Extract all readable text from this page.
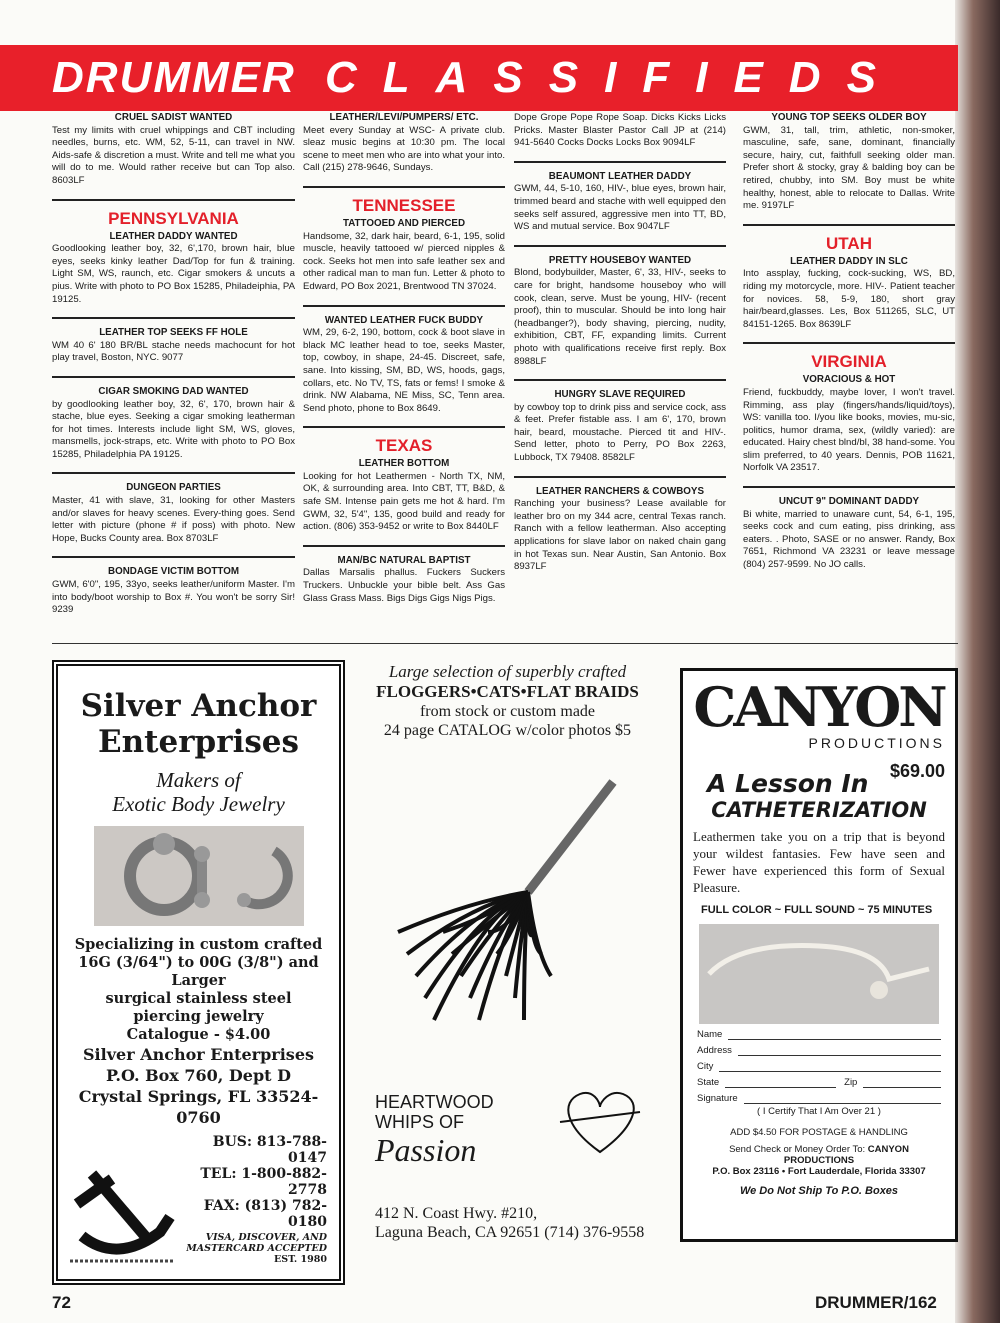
DRUMMER CLASSIFIEDS
CRUEL SADIST WANTED
Test my limits with cruel whippings and CBT including needles, burns, etc. WM, 52, 5-11, can travel in NW. Aids-safe & discretion a must. Write and tell me what you will do to me. Would rather receive but can Top also. 8603LF
PENNSYLVANIA
LEATHER DADDY WANTED
Goodlooking leather boy, 32, 6',170, brown hair, blue eyes, seeks kinky leather Dad/Top for fun & training. Light SM, WS, raunch, etc. Cigar smokers & uncuts a pius. Write with photo to PO Box 15285, Philadeiphia, PA 19125.
LEATHER TOP SEEKS FF HOLE
WM 40 6' 180 BR/BL stache needs machocunt for hot play travel, Boston, NYC. 9077
CIGAR SMOKING DAD WANTED
by goodlooking leather boy, 32, 6', 170, brown hair & stache, blue eyes. Seeking a cigar smoking leatherman for hot times. Interests include light SM, WS, gloves, mansmells, jock-straps, etc. Write with photo to PO Box 15285, Philadelphia PA 19125.
DUNGEON PARTIES
Master, 41 with slave, 31, looking for other Masters and/or slaves for heavy scenes. Every-thing goes. Send letter with picture (phone # if poss) with photo. New Hope, Bucks County area. Box 8703LF
BONDAGE VICTIM BOTTOM
GWM, 6'0", 195, 33yo, seeks leather/uniform Master. I'm into body/boot worship to Box #. You won't be sorry Sir! 9239
LEATHER/LEVI/PUMPERS/ ETC.
Meet every Sunday at WSC- A private club. sleaz music begins at 10:30 pm. The local scene to meet men who are into what your into. Call (215) 278-9646, Sundays.
TENNESSEE
TATTOOED AND PIERCED
Handsome, 32, dark hair, beard, 6-1, 195, solid muscle, heavily tattooed w/ pierced nipples & cock. Seeks hot men into safe leather sex and other radical man to man fun. Letter & photo to Edward, PO Box 2021, Brentwood TN 37024.
WANTED LEATHER FUCK BUDDY
WM, 29, 6-2, 190, bottom, cock & boot slave in black MC leather head to toe, seeks Master, top, cowboy, in shape, 24-45. Discreet, safe, sane. Into kissing, SM, BD, WS, hoods, gags, collars, etc. No TV, TS, fats or fems! I smoke & drink. NW Alabama, NE Miss, SC, Tenn area. Send photo, phone to Box 8649.
TEXAS
LEATHER BOTTOM
Looking for hot Leathermen - North TX, NM, OK, & surrounding area. Into CBT, TT, B&D, & safe SM. Intense pain gets me hot & hard. I'm GWM, 32, 5'4", 135, good build and ready for action. (806) 353-9452 or write to Box 8440LF
MAN/BC NATURAL BAPTIST
Dallas Marsalis phallus. Fuckers Suckers Truckers. Unbuckle your bible belt. Ass Gas Glass Grass Mass. Bigs Digs Gigs Nigs Pigs.
Dope Grope Pope Rope Soap. Dicks Kicks Licks Pricks. Master Blaster Pastor Call JP at (214) 941-5640 Cocks Docks Locks Box 9094LF
BEAUMONT LEATHER DADDY
GWM, 44, 5-10, 160, HIV-, blue eyes, brown hair, trimmed beard and stache with well equipped den seeks self assured, aggressive men into TT, BD, WS and mutual service. Box 9047LF
PRETTY HOUSEBOY WANTED
Blond, bodybuilder, Master, 6', 33, HIV-, seeks to care for bright, handsome houseboy who will cook, clean, serve. Must be young, HIV- (recent proof), thin to muscular. Should be into long hair (headbanger?), body shaving, piercing, nudity, exhibition, CBT, FF, expanding limits. Current photo with qualifications receive first reply. Box 8988LF
HUNGRY SLAVE REQUIRED
by cowboy top to drink piss and service cock, ass & feet. Prefer fistable ass. I am 6', 170, brown hair, beard, moustache. Pierced tit and HIV-. Send letter, photo to Perry, PO Box 2263, Lubbock, TX 79408. 8582LF
LEATHER RANCHERS & COWBOYS
Ranching your business? Lease available for leather bro on my 344 acre, central Texas ranch. Ranch with a fellow leatherman. Also accepting applications for slave labor on naked chain gang in hot Texas sun. Near Austin, San Antonio. Box 8937LF
YOUNG TOP SEEKS OLDER BOY
GWM, 31, tall, trim, athletic, non-smoker, masculine, safe, sane, dominant, financially secure, hairy, cut, faithfull seeking older man. Prefer short & stocky, gray & balding boy can be retired, chubby, into SM. Boy must be white healthy, honest, able to relocate to Dallas. Write me. 9197LF
UTAH
LEATHER DADDY IN SLC
Into assplay, fucking, cock-sucking, WS, BD, riding my motorcycle, more. HIV-. Patient teacher for novices. 58, 5-9, 180, short gray hair/beard,glasses. Les, Box 511265, SLC, UT 84151-1265. Box 8639LF
VIRGINIA
VORACIOUS & HOT
Friend, fuckbuddy, maybe lover, I won't travel. Rimming, ass play (fingers/hands/liquid/toys), WS: vanilla too. I/you like books, movies, mu-sic, politics, humor drama, sex, (wildly varied): are educated. Hairy chest blnd/bl, 38 hand-some. You slim preferred, to 40 years. Dennis, POB 11621, Norfolk VA 23517.
UNCUT 9" DOMINANT DADDY
Bi white, married to unaware cunt, 54, 6-1, 195, seeks cock and cum eating, piss drinking, ass eaters. . Photo, SASE or no answer. Randy, Box 7651, Richmond VA 23231 or leave message (804) 257-9599. No JO calls.
Silver Anchor Enterprises
Makers of
Exotic Body Jewelry
Specializing in custom crafted
16G (3/64") to 00G (3/8") and Larger
surgical stainless steel
piercing jewelry
Catalogue - $4.00
Silver Anchor Enterprises
P.O. Box 760, Dept D
Crystal Springs, FL 33524-0760
BUS: 813-788-0147
TEL: 1-800-882-2778
FAX: (813) 782-0180
VISA, DISCOVER, AND
MASTERCARD ACCEPTED
EST. 1980
Large selection of superbly crafted
FLOGGERS•CATS•FLAT BRAIDS
from stock or custom made
24 page CATALOG w/color photos $5
HEARTWOOD
WHIPS OF
Passion
412 N. Coast Hwy. #210,
Laguna Beach, CA 92651 (714) 376-9558
CANYON
PRODUCTIONS
A Lesson In $69.00
CATHETERIZATION
Leathermen take you on a trip that is beyond your wildest fantasies. Few have seen and Fewer have experienced this form of Sexual Pleasure.
FULL COLOR ~ FULL SOUND ~ 75 MINUTES
Name
Address
City
State	Zip
Signature
( I Certify That I Am Over 21 )
ADD $4.50 FOR POSTAGE & HANDLING
Send Check or Money Order To: CANYON PRODUCTIONS
P.O. Box 23116 • Fort Lauderdale, Florida 33307
We Do Not Ship To P.O. Boxes
72	DRUMMER/162
